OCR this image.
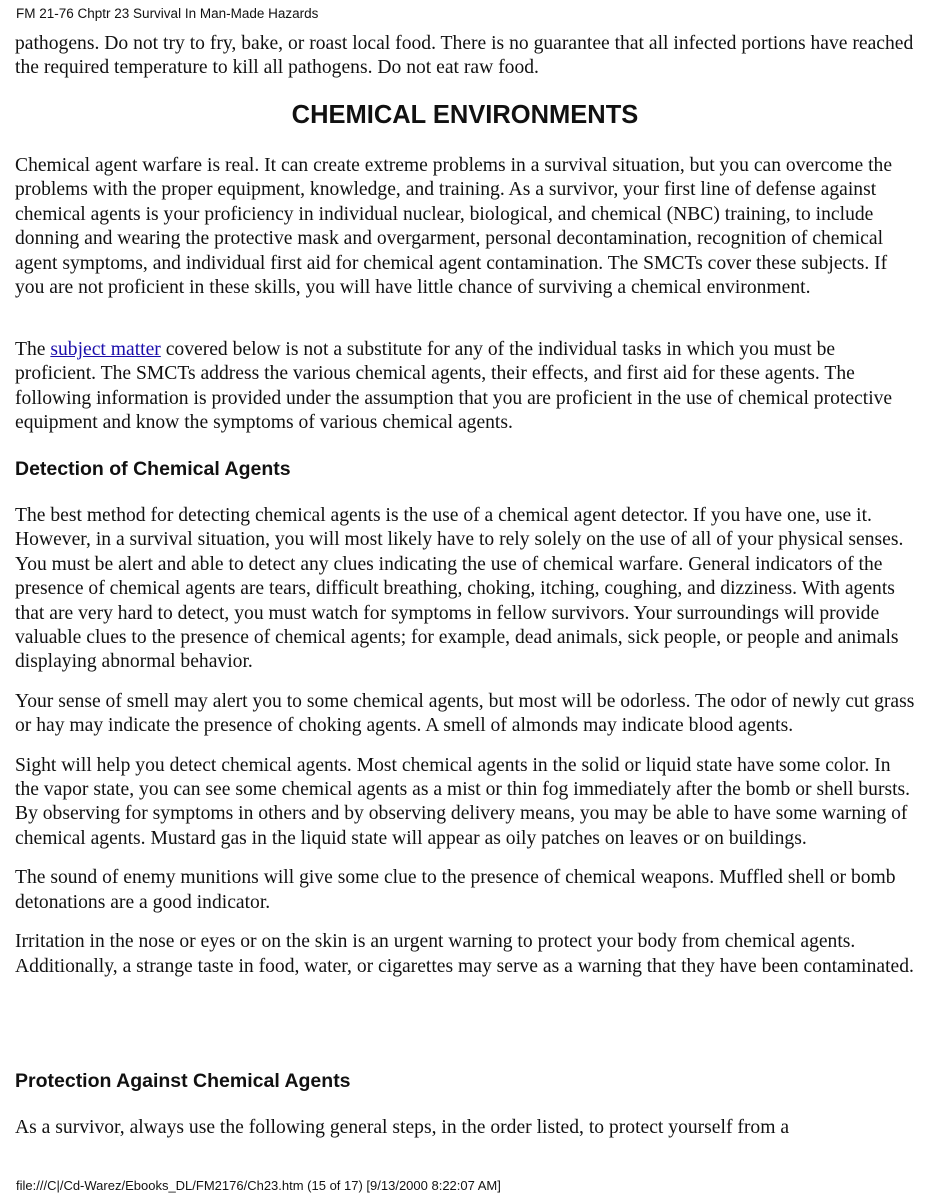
FM 21-76 Chptr 23 Survival In Man-Made Hazards

pathogens. Do not try to fry, bake, or roast local food. There is no guarantee that all infected portions have reached the required temperature to kill all pathogens. Do not eat raw food.

CHEMICAL ENVIRONMENTS

Chemical agent warfare is real. It can create extreme problems in a survival situation, but you can overcome the problems with the proper equipment, knowledge, and training. As a survivor, your first line of defense against chemical agents is your proficiency in individual nuclear, biological, and chemical (NBC) training, to include donning and wearing the protective mask and overgarment, personal decontamination, recognition of chemical agent symptoms, and individual first aid for chemical agent contamination. The SMCTs cover these subjects. If you are not proficient in these skills, you will have little chance of surviving a chemical environment.

The subject matter covered below is not a substitute for any of the individual tasks in which you must be proficient. The SMCTs address the various chemical agents, their effects, and first aid for these agents. The following information is provided under the assumption that you are proficient in the use of chemical protective equipment and know the symptoms of various chemical agents.

Detection of Chemical Agents

The best method for detecting chemical agents is the use of a chemical agent detector. If you have one, use it. However, in a survival situation, you will most likely have to rely solely on the use of all of your physical senses. You must be alert and able to detect any clues indicating the use of chemical warfare. General indicators of the presence of chemical agents are tears, difficult breathing, choking, itching, coughing, and dizziness. With agents that are very hard to detect, you must watch for symptoms in fellow survivors. Your surroundings will provide valuable clues to the presence of chemical agents; for example, dead animals, sick people, or people and animals displaying abnormal behavior.

Your sense of smell may alert you to some chemical agents, but most will be odorless. The odor of newly cut grass or hay may indicate the presence of choking agents. A smell of almonds may indicate blood agents.

Sight will help you detect chemical agents. Most chemical agents in the solid or liquid state have some color. In the vapor state, you can see some chemical agents as a mist or thin fog immediately after the bomb or shell bursts. By observing for symptoms in others and by observing delivery means, you may be able to have some warning of chemical agents. Mustard gas in the liquid state will appear as oily patches on leaves or on buildings.

The sound of enemy munitions will give some clue to the presence of chemical weapons. Muffled shell or bomb detonations are a good indicator.

Irritation in the nose or eyes or on the skin is an urgent warning to protect your body from chemical agents. Additionally, a strange taste in food, water, or cigarettes may serve as a warning that they have been contaminated.

Protection Against Chemical Agents

As a survivor, always use the following general steps, in the order listed, to protect yourself from a

file:///C|/Cd-Warez/Ebooks_DL/FM2176/Ch23.htm (15 of 17) [9/13/2000 8:22:07 AM]
